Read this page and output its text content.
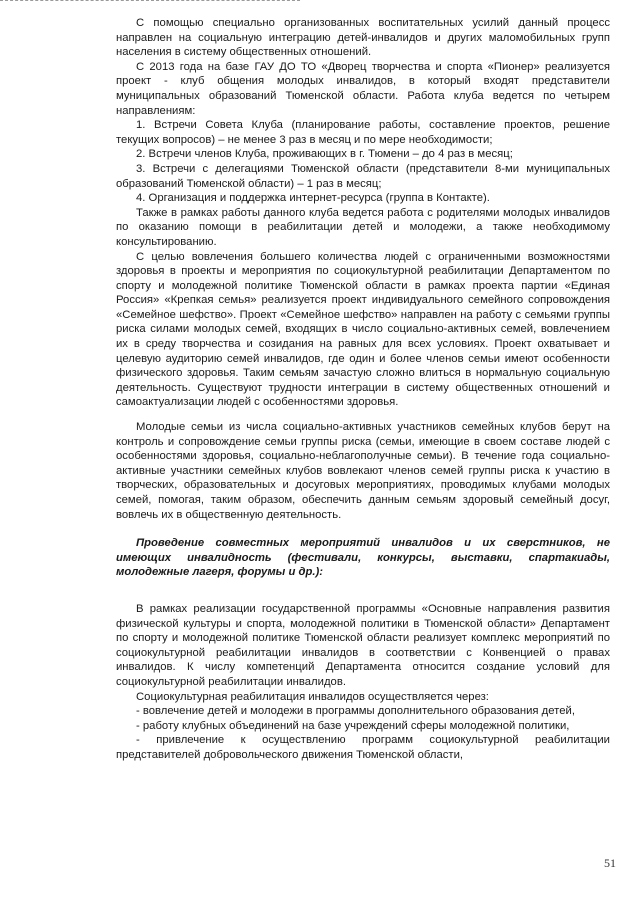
С помощью специально организованных воспитательных усилий данный процесс направлен на социальную интеграцию детей-инвалидов и других маломобильных групп населения в систему общественных отношений.

С 2013 года на базе ГАУ ДО ТО «Дворец творчества и спорта «Пионер» реализуется проект - клуб общения молодых инвалидов, в который входят представители муниципальных образований Тюменской области. Работа клуба ведется по четырем направлениям:

1. Встречи Совета Клуба (планирование работы, составление проектов, решение текущих вопросов) – не менее 3 раз в месяц и по мере необходимости;

2. Встречи членов Клуба, проживающих в г. Тюмени – до 4 раз в месяц;

3. Встречи с делегациями Тюменской области (представители 8-ми муниципальных образований Тюменской области) – 1 раз в месяц;

4. Организация и поддержка интернет-ресурса (группа в Контакте).

Также в рамках работы данного клуба ведется работа с родителями молодых инвалидов по оказанию помощи в реабилитации детей и молодежи, а также необходимому консультированию.

С целью вовлечения большего количества людей с ограниченными возможностями здоровья в проекты и мероприятия по социокультурной реабилитации Департаментом по спорту и молодежной политике Тюменской области в рамках проекта партии «Единая Россия» «Крепкая семья» реализуется проект индивидуального семейного сопровождения «Семейное шефство». Проект «Семейное шефство» направлен на работу с семьями группы риска силами молодых семей, входящих в число социально-активных семей, вовлечением их в среду творчества и созидания на равных для всех условиях. Проект охватывает и целевую аудиторию семей инвалидов, где один и более членов семьи имеют особенности физического здоровья. Таким семьям зачастую сложно влиться в нормальную социальную деятельность. Существуют трудности интеграции в систему общественных отношений и самоактуализации людей с особенностями здоровья.

Молодые семьи из числа социально-активных участников семейных клубов берут на контроль и сопровождение семьи группы риска (семьи, имеющие в своем составе людей с особенностями здоровья, социально-неблагополучные семьи). В течение года социально-активные участники семейных клубов вовлекают членов семей группы риска к участию в творческих, образовательных и досуговых мероприятиях, проводимых клубами молодых семей, помогая, таким образом, обеспечить данным семьям здоровый семейный досуг, вовлечь их в общественную деятельность.

Проведение совместных мероприятий инвалидов и их сверстников, не имеющих инвалидность (фестивали, конкурсы, выставки, спартакиады, молодежные лагеря, форумы и др.):

В рамках реализации государственной программы «Основные направления развития физической культуры и спорта, молодежной политики в Тюменской области» Департамент по спорту и молодежной политике Тюменской области реализует комплекс мероприятий по социокультурной реабилитации инвалидов в соответствии с Конвенцией о правах инвалидов. К числу компетенций Департамента относится создание условий для социокультурной реабилитации инвалидов.

Социокультурная реабилитация инвалидов осуществляется через:

- вовлечение детей и молодежи в программы дополнительного образования детей,

- работу клубных объединений на базе учреждений сферы молодежной политики,

- привлечение к осуществлению программ социокультурной реабилитации представителей добровольческого движения Тюменской области,

51
